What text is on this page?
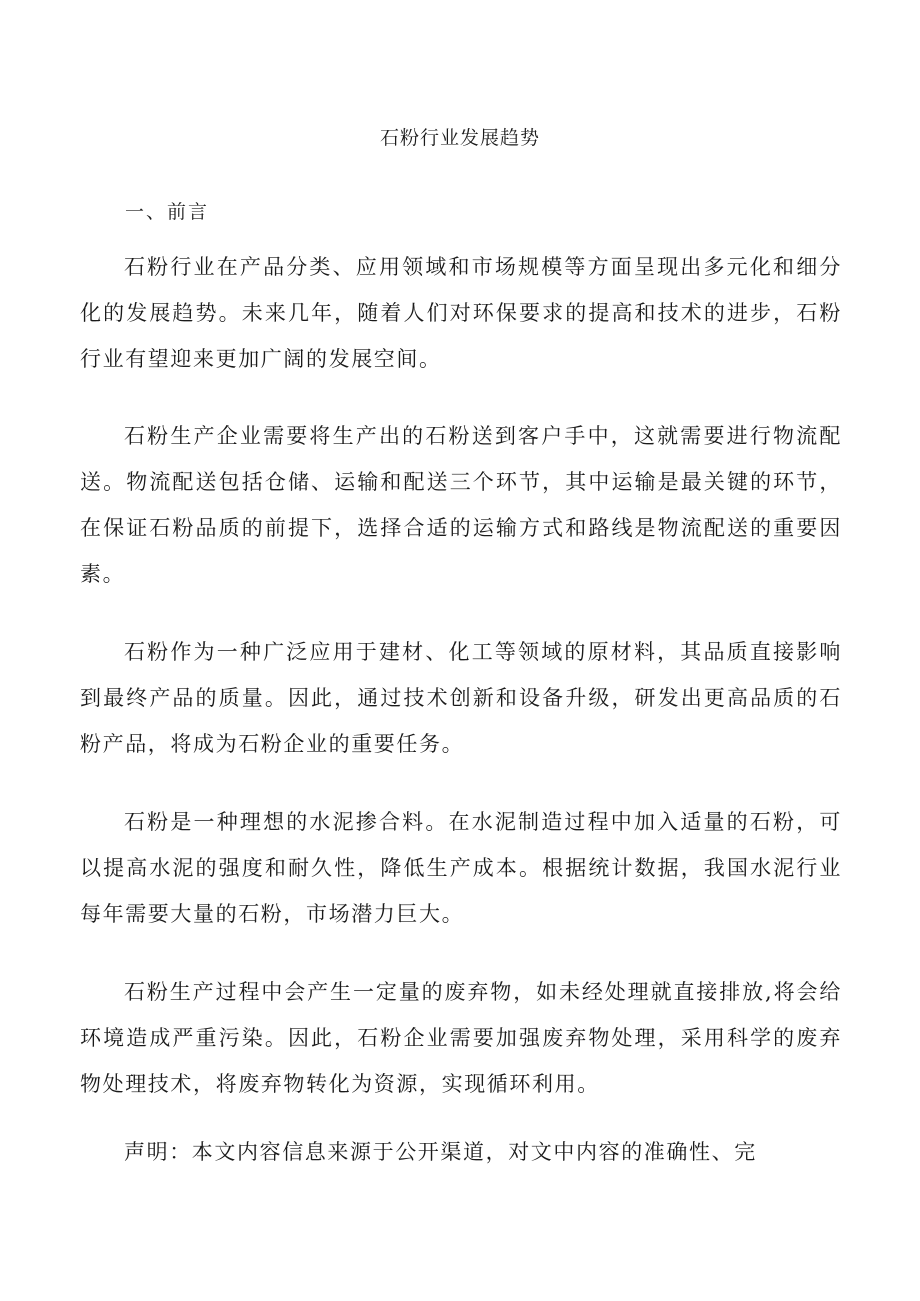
石粉行业发展趋势
一、前言

石粉行业在产品分类、应用领域和市场规模等方面呈现出多元化和细分化的发展趋势。未来几年，随着人们对环保要求的提高和技术的进步，石粉行业有望迎来更加广阔的发展空间。

石粉生产企业需要将生产出的石粉送到客户手中，这就需要进行物流配送。物流配送包括仓储、运输和配送三个环节，其中运输是最关键的环节，在保证石粉品质的前提下，选择合适的运输方式和路线是物流配送的重要因素。

石粉作为一种广泛应用于建材、化工等领域的原材料，其品质直接影响到最终产品的质量。因此，通过技术创新和设备升级，研发出更高品质的石粉产品，将成为石粉企业的重要任务。

石粉是一种理想的水泥掺合料。在水泥制造过程中加入适量的石粉，可以提高水泥的强度和耐久性，降低生产成本。根据统计数据，我国水泥行业每年需要大量的石粉，市场潜力巨大。

石粉生产过程中会产生一定量的废弃物，如未经处理就直接排放,将会给环境造成严重污染。因此，石粉企业需要加强废弃物处理，采用科学的废弃物处理技术，将废弃物转化为资源，实现循环利用。

声明：本文内容信息来源于公开渠道，对文中内容的准确性、完
